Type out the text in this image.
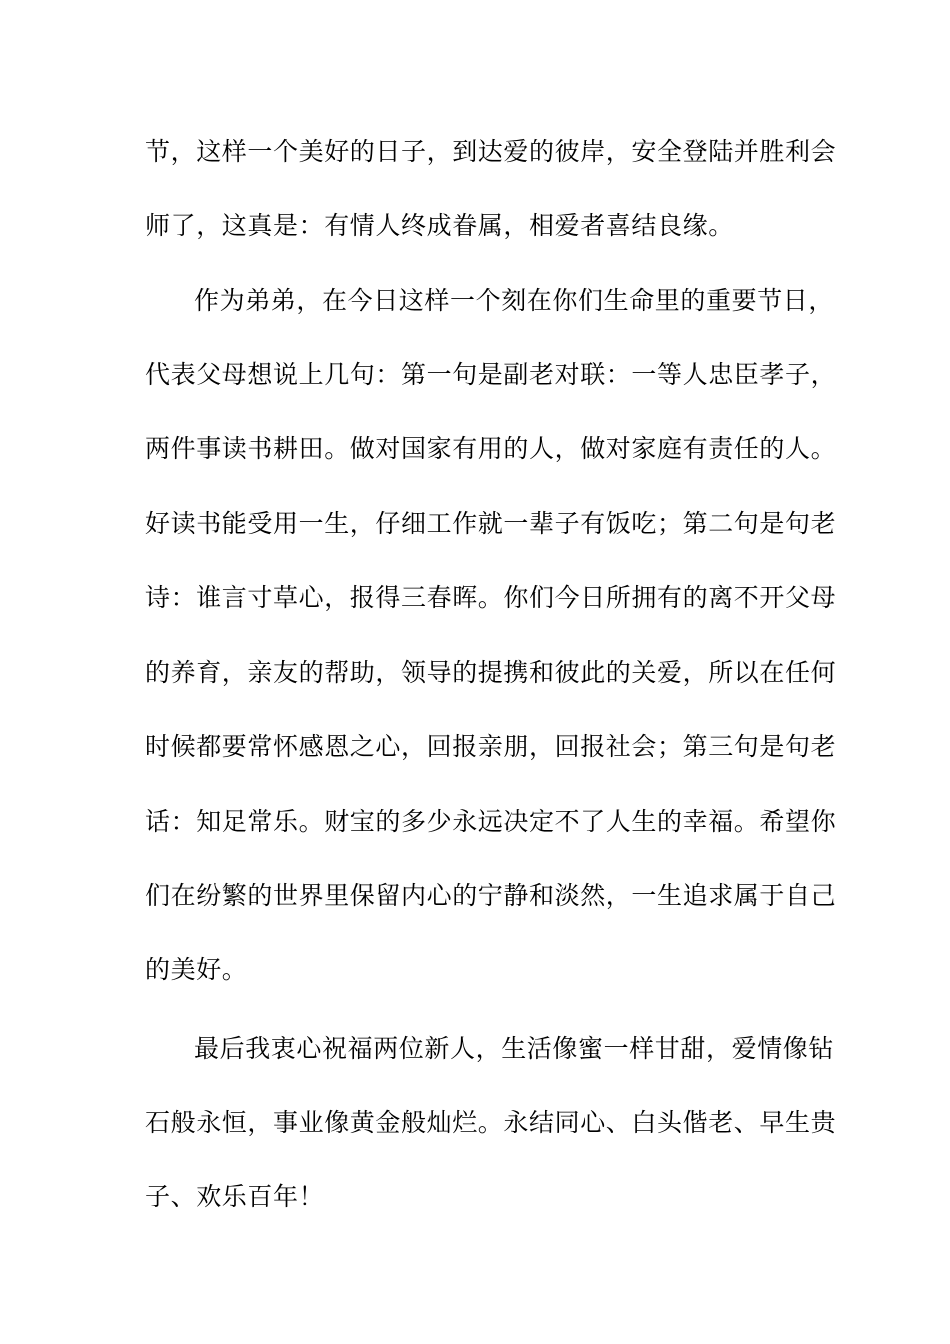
节，这样一个美好的日子，到达爱的彼岸，安全登陆并胜利会
师了，这真是：有情人终成眷属，相爱者喜结良缘。
作为弟弟，在今日这样一个刻在你们生命里的重要节日，
代表父母想说上几句：第一句是副老对联：一等人忠臣孝子，
两件事读书耕田。做对国家有用的人，做对家庭有责任的人。
好读书能受用一生，仔细工作就一辈子有饭吃；第二句是句老
诗：谁言寸草心，报得三春晖。你们今日所拥有的离不开父母
的养育，亲友的帮助，领导的提携和彼此的关爱，所以在任何
时候都要常怀感恩之心，回报亲朋，回报社会；第三句是句老
话：知足常乐。财宝的多少永远决定不了人生的幸福。希望你
们在纷繁的世界里保留内心的宁静和淡然，一生追求属于自己
的美好。
最后我衷心祝福两位新人，生活像蜜一样甘甜，爱情像钻
石般永恒，事业像黄金般灿烂。永结同心、白头偕老、早生贵
子、欢乐百年！
